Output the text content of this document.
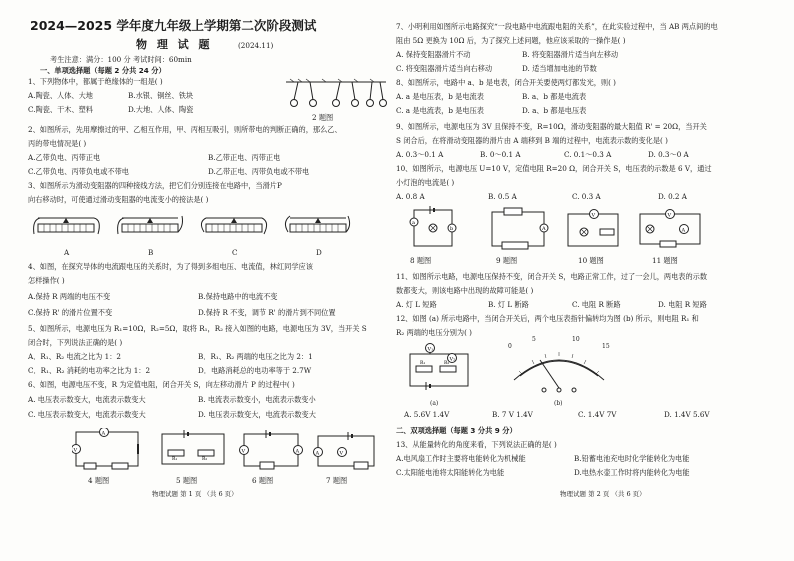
2024—2025 学年度九年级上学期第二次阶段测试
物 理 试 题	(2024.11)
考生注意：满分：100 分 考试时间：60min
一、单项选择题（每题 2 分共 24 分）
1、下列物体中，都属于绝缘体的一组是( )
A.陶瓷、人体、大地	B.水银、铜丝、铁块
C.陶瓷、干木、塑料	D.大地、人体、陶瓷
2 题图
2、如图所示，先用摩擦过的甲、乙相互作用，甲、丙相互吸引，则所带电的判断正确的，那么乙、
丙的带电情况是( )
A.乙带负电、丙带正电	B.乙带正电、丙带正电
C.乙带负电、丙带负电或不带电	D.乙带正电、丙带负电或不带电
3、如图所示为滑动变阻器的四种接线方法，把它们分别连接在电路中，当滑片P
向右移动时，可使通过滑动变阻器的电流变小的接法是( )
A	B	C	D
4、如图，在探究导体的电流跟电压的关系时，为了得到多组电压、电流值，林红同学应该
怎样操作( )
A.保持 R 两端的电压不变	B.保持电路中的电流不变
C.保持 R' 的滑片位置不变	D.保持 R 不变，调节 R' 的滑片到不同位置
5、如图所示，电源电压为 R₁=10Ω，R₂=5Ω，取将 R₁，R₂ 接入如图的电路，电源电压为 3V，当开关 S
闭合时，下列说法正确的是( )
A．R₁、R₂ 电流之比为 1：2	B．R₁、R₂ 两端的电压之比为 2：1
C．R₁、R₂ 消耗的电功率之比为 1：2	D．电路消耗总的电功率等于 2.7W
6、如图，电源电压不变，R 为定值电阻，闭合开关 S，向左移动滑片 P 的过程中( )
A. 电压表示数变大，电流表示数变大	B. 电流表示数变小，电流表示数变小
C. 电压表示数变大，电流表示数变大	D. 电压表示数变大，电流表示数变大
A
V
R₁	R₂
V	A	A	V
4 题图	5 题图	6 题图	7 题图
物理试题 第 1 页 （共 6 页）
7、小明利用如图所示电路探究“一段电路中电流跟电阻的关系”，在此实验过程中，当 AB 两点间的电
阻由 5Ω 更换为 10Ω 后，为了探究上述问题，他应该采取的一操作是( )
A. 保持变阻器滑片不动	B. 将变阻器滑片适当向左移动
C. 将变阻器滑片适当向右移动	D. 适当增加电池的节数
8、如图所示，电路中 a、b 是电表，闭合开关要使两灯都发光，则( )
A. a 是电压表，b 是电流表	B. a、b 都是电流表
C. a 是电流表，b 是电压表	D. a、b 都是电压表
9、如图所示，电源电压为 3V 且保持不变，R=10Ω，滑动变阻器的最大阻值 R' = 20Ω，当开关
S 闭合后，在将滑动变阻器的滑片由 A 端移到 B 端的过程中，电流表示数的变化是( )
A. 0.3～0.1 A	B. 0～0.1 A	C. 0.1～0.3 A	D. 0.3～0 A
10、如图所示，电源电压 U=10 V，定值电阻 R=20 Ω，闭合开关 S，电压表的示数是 6 V，通过
小灯泡的电流是( )
A. 0.8 A	B. 0.5 A	C. 0.3 A	D. 0.2 A
a
b	A
V	V
A
8 题图	9 题图	10 题图	11 题图
11、如图所示电路，电源电压保持不变，闭合开关 S，电路正常工作，过了一会儿，两电表的示数
数都变大，则该电路中出现的故障可能是( )
A. 灯 L 短路	B. 灯 L 断路	C. 电阻 R 断路	D. 电阻 R 短路
12、如图 (a) 所示电路中，当闭合开关后，两个电压表指针偏转均为图 (b) 所示，则电阻 R₁ 和
R₂ 两端的电压分别为( )
V₁
V₂
R₁	R₂
0
5	10
15
(a)	(b)
A. 5.6V 1.4V	B. 7 V 1.4V	C. 1.4V 7V	D. 1.4V 5.6V
二、双项选择题（每题 3 分共 9 分）
13、从能量转化的角度来看，下列说法正确的是( )
A.电风扇工作时主要将电能转化为机械能	B.铅蓄电池充电时化学能转化为电能
C.太阳能电池将太阳能转化为电能	D.电热水壶工作时将内能转化为电能
物理试题 第 2 页 （共 6 页）
